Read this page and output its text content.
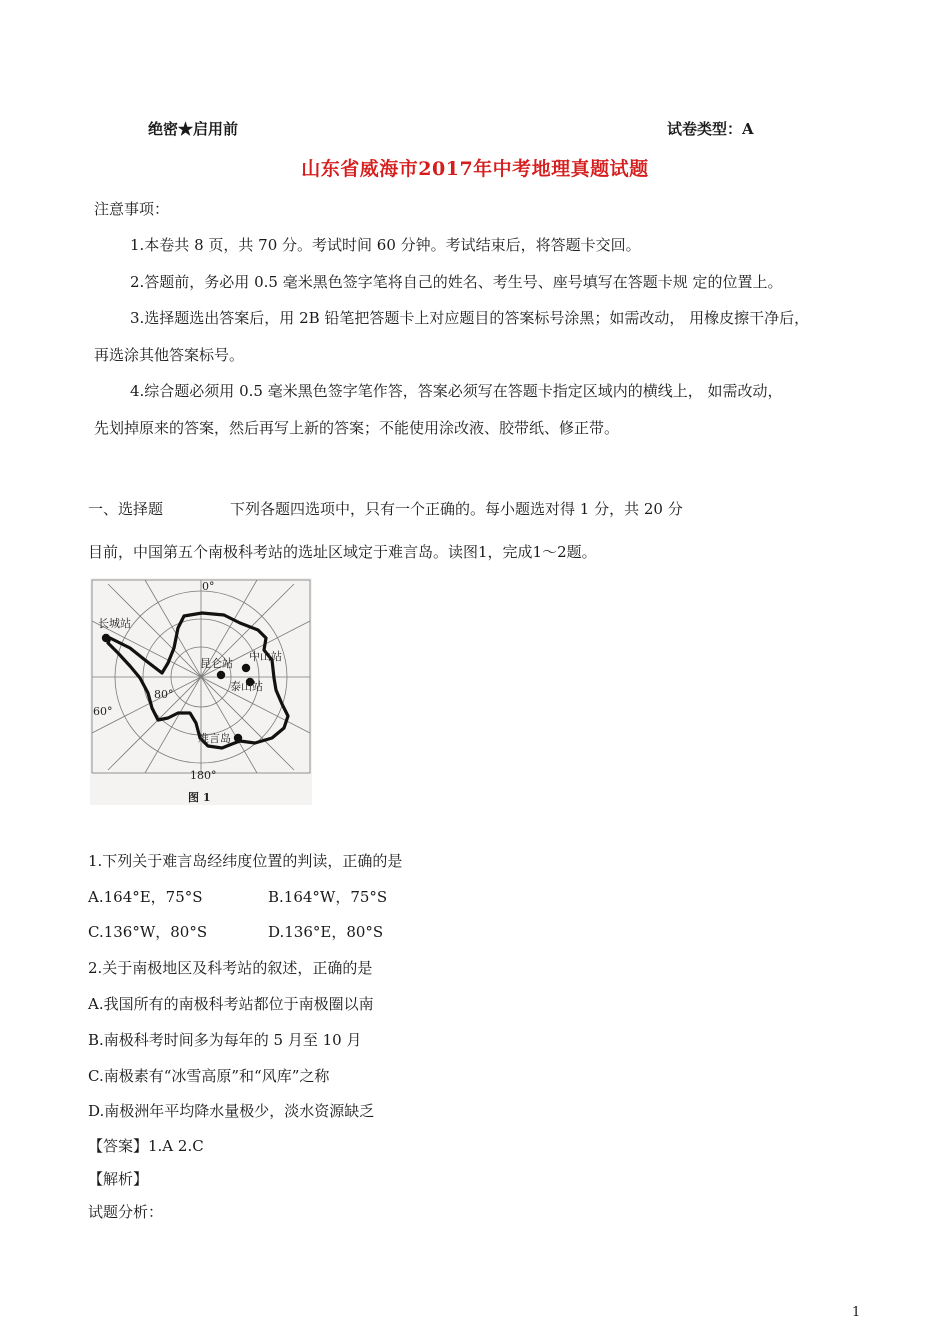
绝密★启用前	试卷类型：A
山东省威海市2017年中考地理真题试题
注意事项：
1.本卷共 8 页，共 70 分。考试时间 60 分钟。考试结束后，将答题卡交回。
2.答题前，务必用 0.5 毫米黑色签字笔将自己的姓名、考生号、座号填写在答题卡规 定的位置上。
3.选择题选出答案后，用 2B 铅笔把答题卡上对应题目的答案标号涂黑；如需改动， 用橡皮擦干净后，
再选涂其他答案标号。
4.综合题必须用 0.5 毫米黑色签字笔作答，答案必须写在答题卡指定区域内的横线上， 如需改动，
先划掉原来的答案，然后再写上新的答案；不能使用涂改液、胶带纸、修正带。
一、选择题	下列各题四选项中，只有一个正确的。每小题选对得 1 分，共 20 分
目前，中国第五个南极科考站的选址区域定于难言岛。读图1，完成1～2题。
0°
180°
60°
80°
长城站
昆仑站
中山站
泰山站
难言岛
图 1
1.下列关于难言岛经纬度位置的判读，正确的是
A.164°E，75°S	B.164°W，75°S
C.136°W，80°S	D.136°E，80°S
2.关于南极地区及科考站的叙述，正确的是
A.我国所有的南极科考站都位于南极圈以南
B.南极科考时间多为每年的 5 月至 10 月
C.南极素有“冰雪高原”和“风库”之称
D.南极洲年平均降水量极少，淡水资源缺乏
【答案】1.A 2.C
【解析】
试题分析：
1
